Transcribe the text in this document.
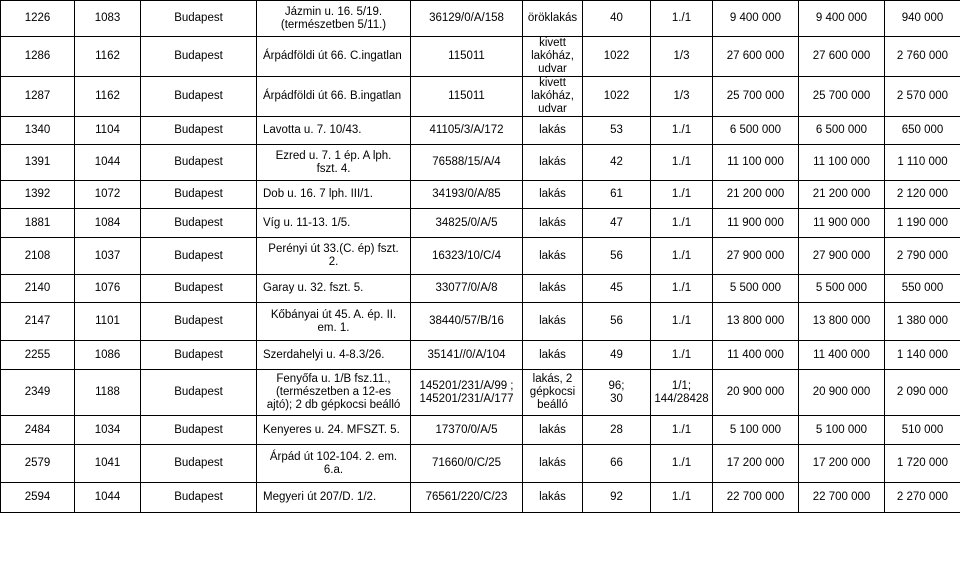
1226	1083	Budapest	Jázmin u. 16. 5/19.
(természetben 5/11.)	36129/0/A/158	öröklakás	40	1./1	9 400 000	9 400 000	940 000
1286	1162	Budapest	Árpádföldi út 66. C.ingatlan	115011	kivett
lakóház,
udvar	1022	1/3	27 600 000	27 600 000	2 760 000
1287	1162	Budapest	Árpádföldi út 66. B.ingatlan	115011	kivett
lakóház,
udvar	1022	1/3	25 700 000	25 700 000	2 570 000
1340	1104	Budapest	Lavotta u. 7. 10/43.	41105/3/A/172	lakás	53	1./1	6 500 000	6 500 000	650 000
1391	1044	Budapest	Ezred u. 7. 1 ép. A lph.
fszt. 4.	76588/15/A/4	lakás	42	1./1	11 100 000	11 100 000	1 110 000
1392	1072	Budapest	Dob u. 16. 7 lph. III/1.	34193/0/A/85	lakás	61	1./1	21 200 000	21 200 000	2 120 000
1881	1084	Budapest	Víg u. 11-13. 1/5.	34825/0/A/5	lakás	47	1./1	11 900 000	11 900 000	1 190 000
2108	1037	Budapest	Perényi út 33.(C. ép) fszt.
2.	16323/10/C/4	lakás	56	1./1	27 900 000	27 900 000	2 790 000
2140	1076	Budapest	Garay u. 32. fszt. 5.	33077/0/A/8	lakás	45	1./1	5 500 000	5 500 000	550 000
2147	1101	Budapest	Kőbányai út 45. A. ép. II.
em. 1.	38440/57/B/16	lakás	56	1./1	13 800 000	13 800 000	1 380 000
2255	1086	Budapest	Szerdahelyi u. 4-8.3/26.	35141//0/A/104	lakás	49	1./1	11 400 000	11 400 000	1 140 000
2349	1188	Budapest	Fenyőfa u. 1/B fsz.11.,
(természetben a 12-es
ajtó); 2 db gépkocsi beálló	145201/231/A/99 ;
145201/231/A/177	lakás, 2
gépkocsi
beálló	96;
30	1/1;
144/28428	20 900 000	20 900 000	2 090 000
2484	1034	Budapest	Kenyeres u. 24. MFSZT. 5.	17370/0/A/5	lakás	28	1./1	5 100 000	5 100 000	510 000
2579	1041	Budapest	Árpád út 102-104. 2. em.
6.a.	71660/0/C/25	lakás	66	1./1	17 200 000	17 200 000	1 720 000
2594	1044	Budapest	Megyeri út 207/D. 1/2.	76561/220/C/23	lakás	92	1./1	22 700 000	22 700 000	2 270 000
